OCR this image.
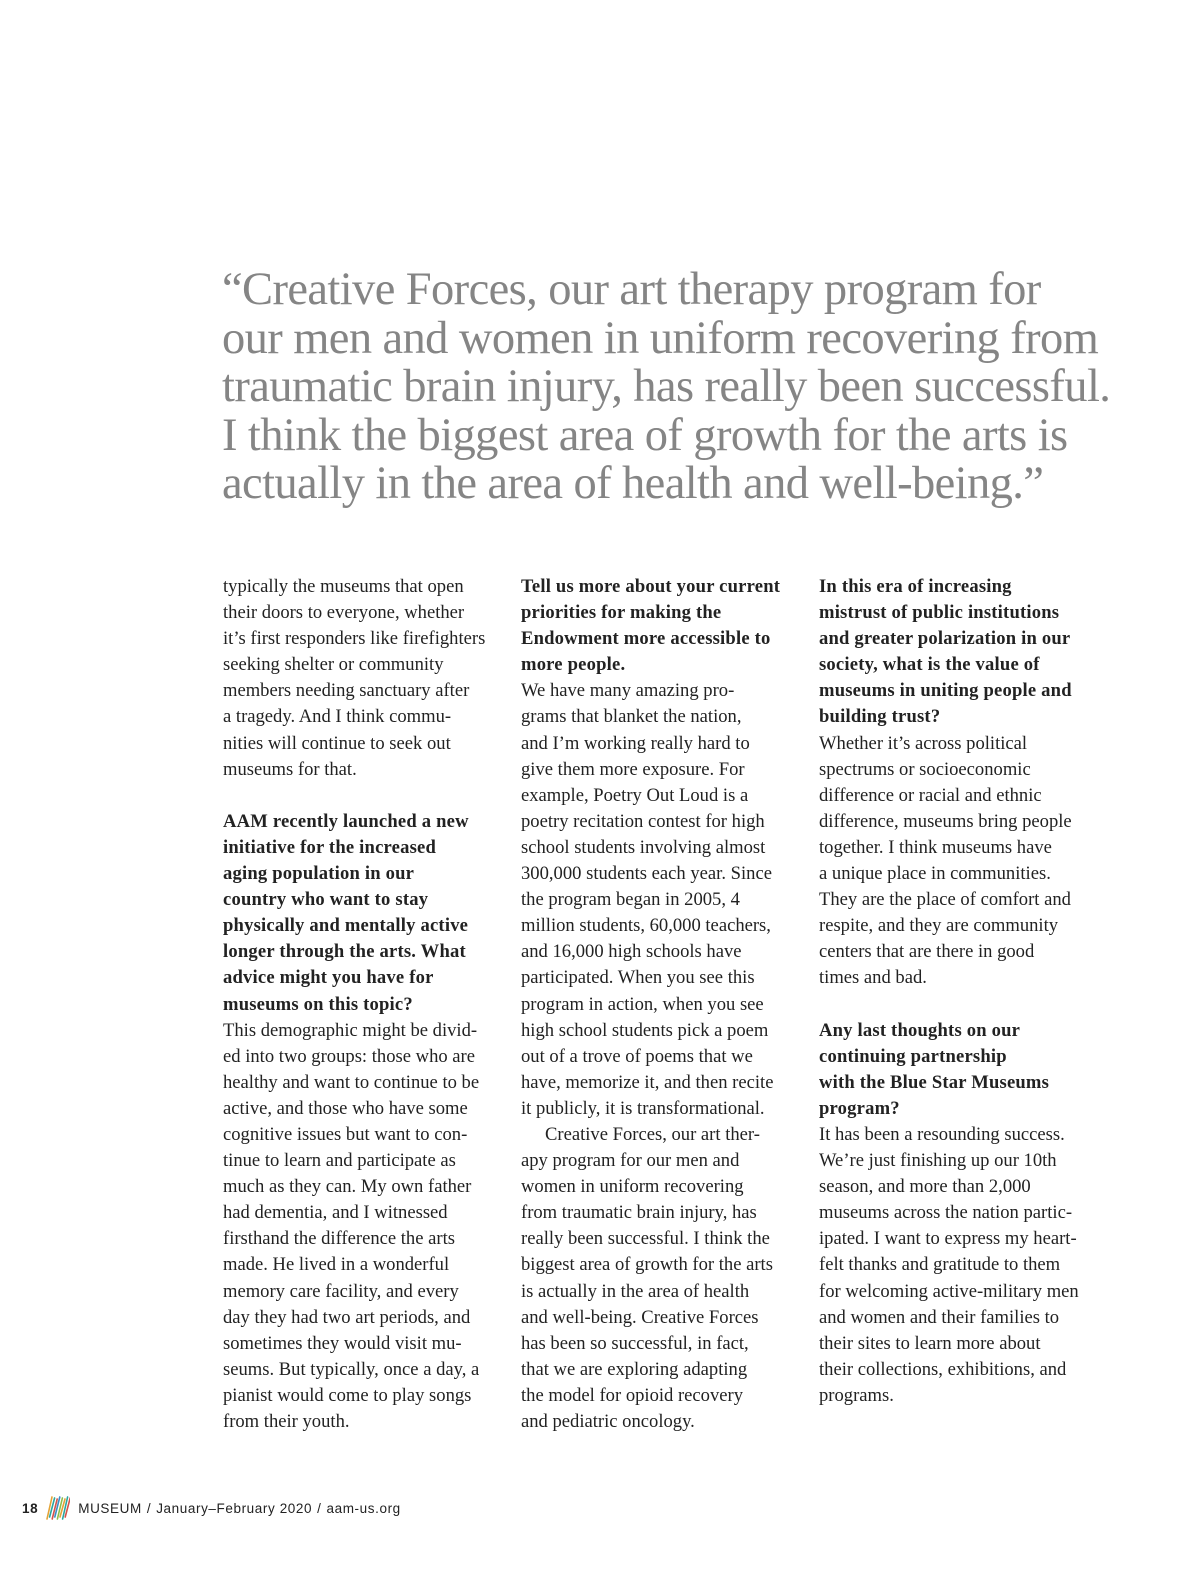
“Creative Forces, our art therapy program for
our men and women in uniform recovering from
traumatic brain injury, has really been successful.
I think the biggest area of growth for the arts is
actually in the area of health and well-being.”
typically the museums that open
their doors to everyone, whether
it’s first responders like firefighters
seeking shelter or community
members needing sanctuary after
a tragedy. And I think commu-
nities will continue to seek out
museums for that.
AAM recently launched a new
initiative for the increased
aging population in our
country who want to stay
physically and mentally active
longer through the arts. What
advice might you have for
museums on this topic?
This demographic might be divid-
ed into two groups: those who are
healthy and want to continue to be
active, and those who have some
cognitive issues but want to con-
tinue to learn and participate as
much as they can. My own father
had dementia, and I witnessed
firsthand the difference the arts
made. He lived in a wonderful
memory care facility, and every
day they had two art periods, and
sometimes they would visit mu-
seums. But typically, once a day, a
pianist would come to play songs
from their youth.
Tell us more about your current
priorities for making the
Endowment more accessible to
more people.
We have many amazing pro-
grams that blanket the nation,
and I’m working really hard to
give them more exposure. For
example, Poetry Out Loud is a
poetry recitation contest for high
school students involving almost
300,000 students each year. Since
the program began in 2005, 4
million students, 60,000 teachers,
and 16,000 high schools have
participated. When you see this
program in action, when you see
high school students pick a poem
out of a trove of poems that we
have, memorize it, and then recite
it publicly, it is transformational.
Creative Forces, our art ther-
apy program for our men and
women in uniform recovering
from traumatic brain injury, has
really been successful. I think the
biggest area of growth for the arts
is actually in the area of health
and well-being. Creative Forces
has been so successful, in fact,
that we are exploring adapting
the model for opioid recovery
and pediatric oncology.
In this era of increasing
mistrust of public institutions
and greater polarization in our
society, what is the value of
museums in uniting people and
building trust?
Whether it’s across political
spectrums or socioeconomic
difference or racial and ethnic
difference, museums bring people
together. I think museums have
a unique place in communities.
They are the place of comfort and
respite, and they are community
centers that are there in good
times and bad.
Any last thoughts on our
continuing partnership
with the Blue Star Museums
program?
It has been a resounding success.
We’re just finishing up our 10th
season, and more than 2,000
museums across the nation partic-
ipated. I want to express my heart-
felt thanks and gratitude to them
for welcoming active-military men
and women and their families to
their sites to learn more about
their collections, exhibitions, and
programs.
18	MUSEUM / January–February 2020 / aam-us.org
